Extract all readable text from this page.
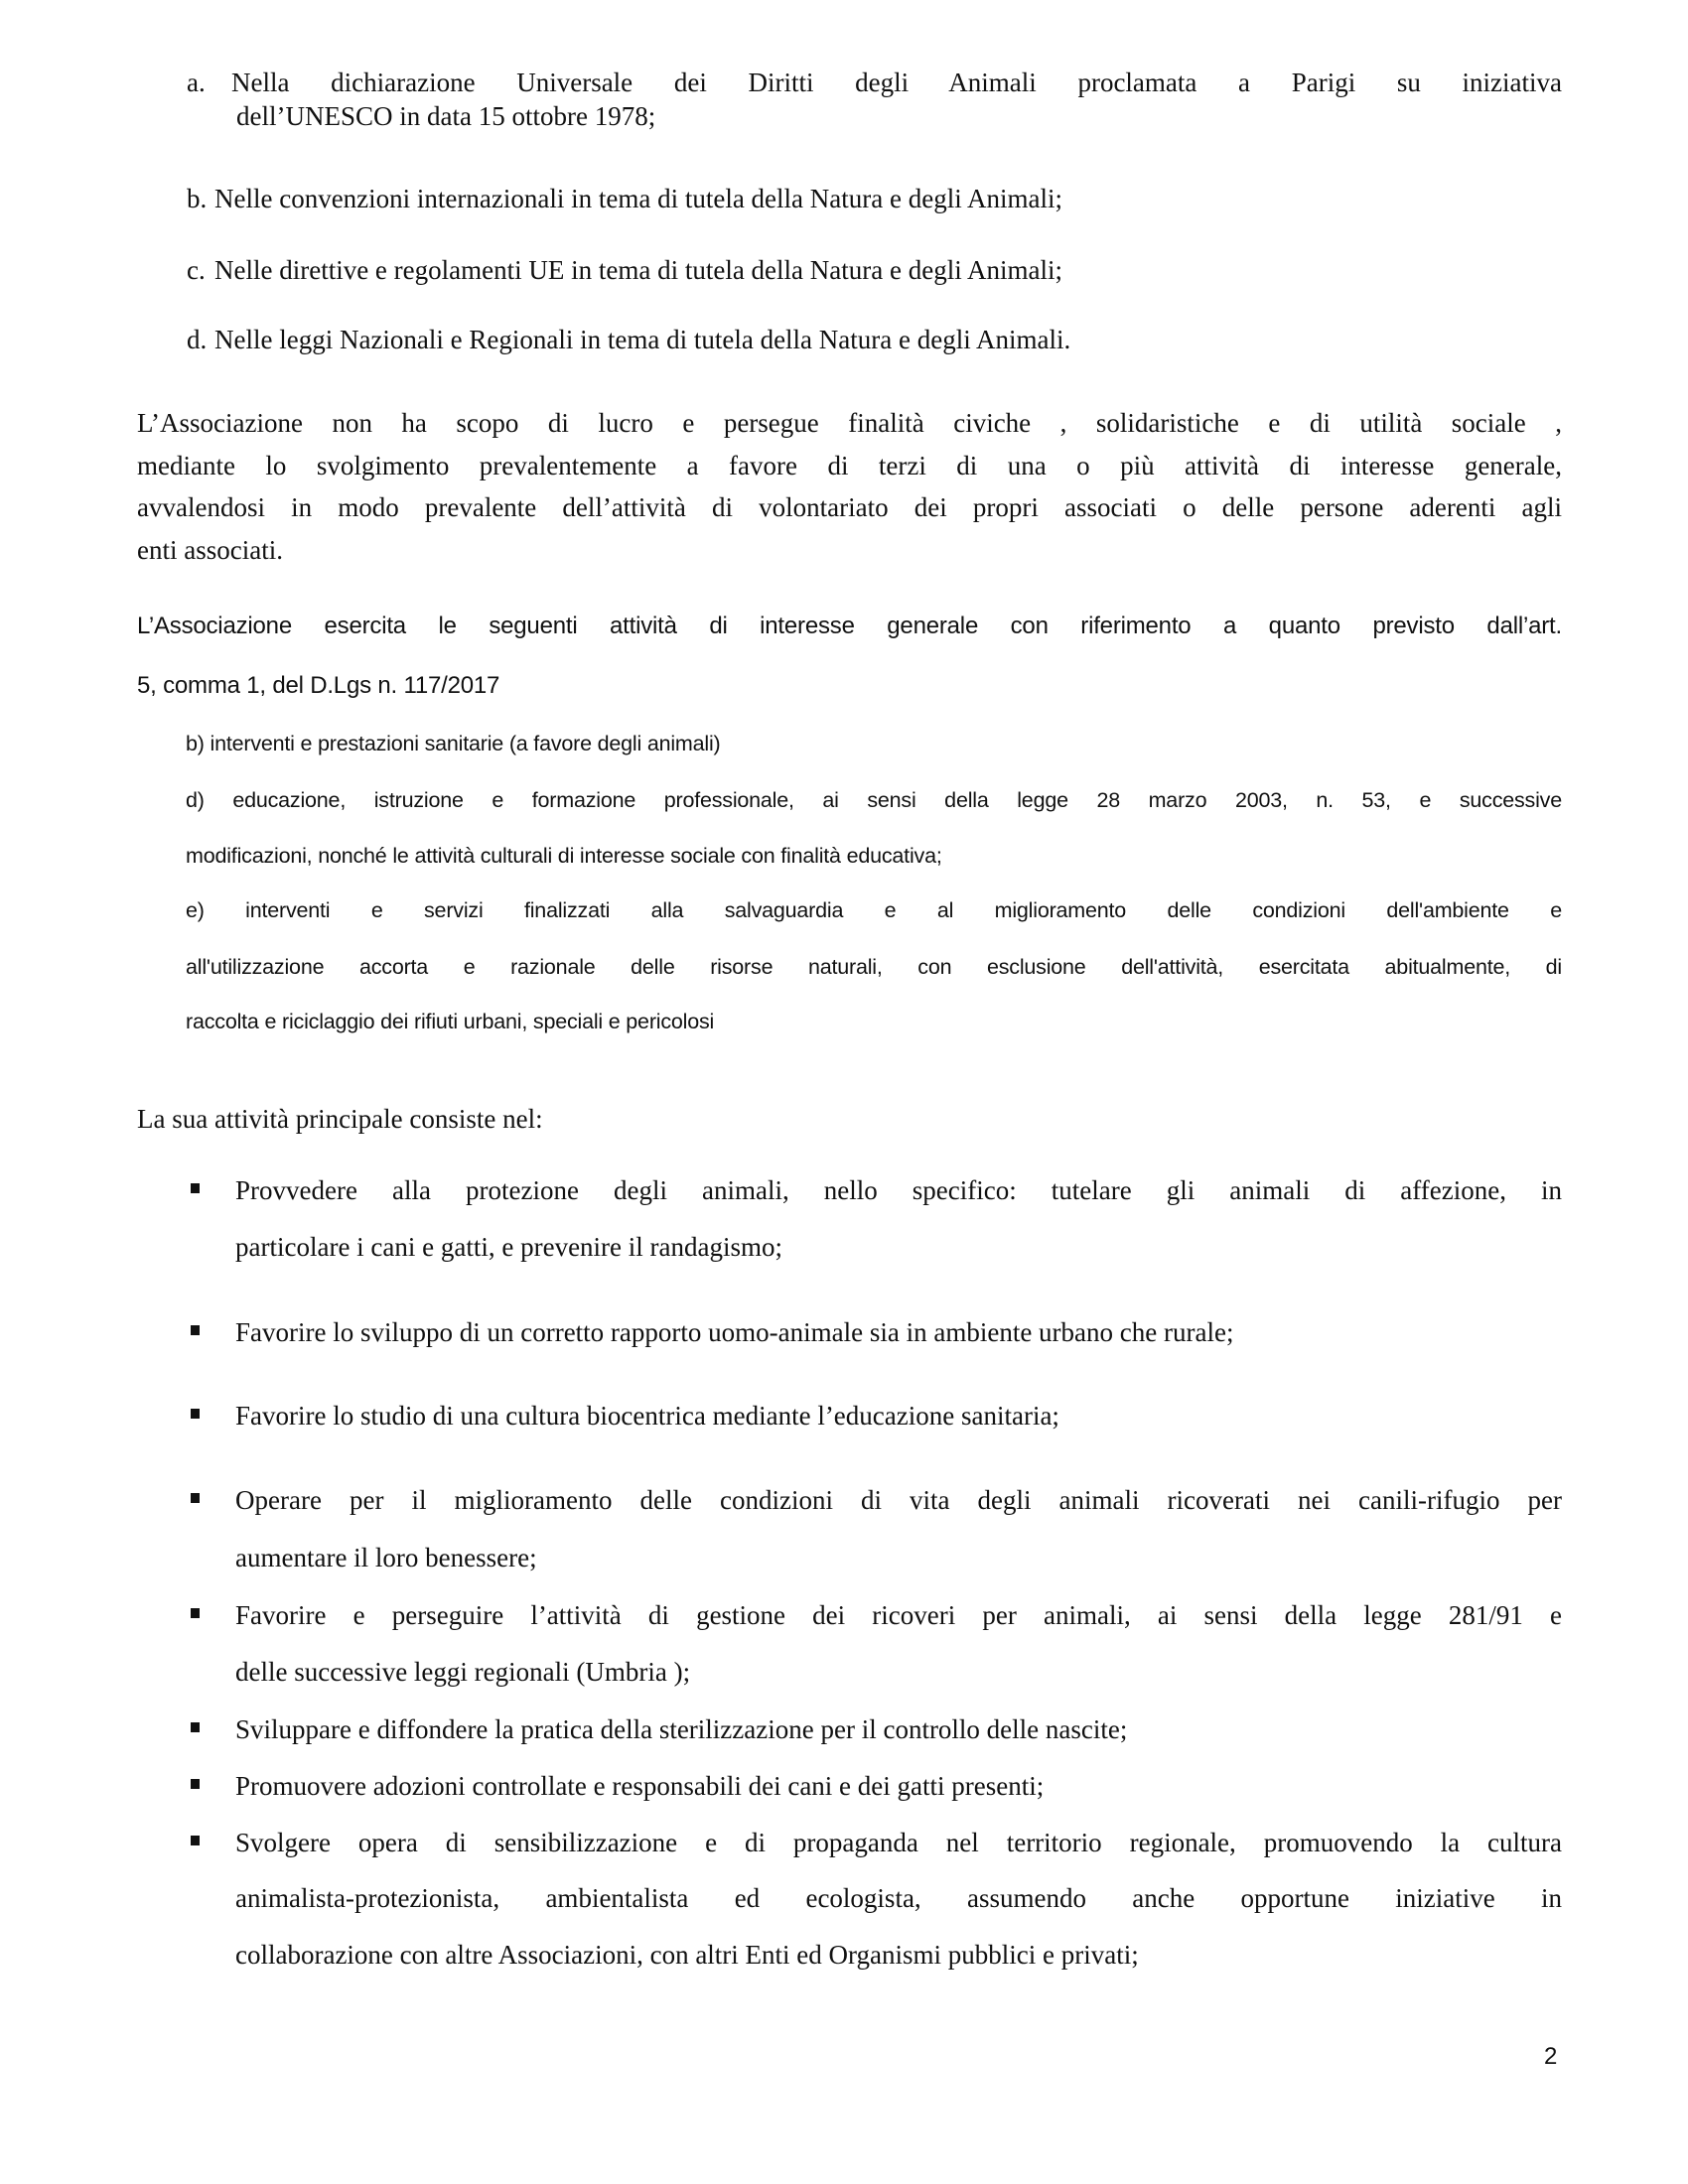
a. Nella dichiarazione Universale dei Diritti degli Animali proclamata a Parigi su iniziativa
dell’UNESCO in data 15 ottobre 1978;
b. Nelle convenzioni internazionali in tema di tutela della Natura e degli Animali;
c. Nelle direttive e regolamenti UE in tema di tutela della Natura e degli Animali;
d. Nelle leggi Nazionali e Regionali in tema di tutela della Natura e degli Animali.
L’Associazione non ha scopo di lucro e persegue finalità civiche , solidaristiche e di utilità sociale ,
mediante lo svolgimento prevalentemente a favore di terzi di una o più attività di interesse generale,
avvalendosi in modo prevalente dell’attività di volontariato dei propri associati o delle persone aderenti agli
enti associati.
L’Associazione esercita le seguenti attività di interesse generale con riferimento a quanto previsto dall’art.
5, comma 1, del D.Lgs n. 117/2017
b) interventi e prestazioni sanitarie (a favore degli animali)
d) educazione, istruzione e formazione professionale, ai sensi della legge 28 marzo 2003, n. 53, e successive
modificazioni, nonché le attività culturali di interesse sociale con finalità educativa;
e) interventi e servizi finalizzati alla salvaguardia e al miglioramento delle condizioni dell'ambiente e
all'utilizzazione accorta e razionale delle risorse naturali, con esclusione dell'attività, esercitata abitualmente, di
raccolta e riciclaggio dei rifiuti urbani, speciali e pericolosi
La sua attività principale consiste nel:
Provvedere alla protezione degli animali, nello specifico: tutelare gli animali di affezione, in
particolare i cani e gatti, e prevenire il randagismo;
Favorire lo sviluppo di un corretto rapporto uomo-animale sia in ambiente urbano che rurale;
Favorire lo studio di una cultura biocentrica mediante l’educazione sanitaria;
Operare per il miglioramento delle condizioni di vita degli animali ricoverati nei canili-rifugio per
aumentare il loro benessere;
Favorire e perseguire l’attività di gestione dei ricoveri per animali, ai sensi della legge 281/91 e
delle successive leggi regionali (Umbria );
Sviluppare e diffondere la pratica della sterilizzazione per il controllo delle nascite;
Promuovere adozioni controllate e responsabili dei cani e dei gatti presenti;
Svolgere opera di sensibilizzazione e di propaganda nel territorio regionale, promuovendo la cultura
animalista-protezionista, ambientalista ed ecologista, assumendo anche opportune iniziative in
collaborazione con altre Associazioni, con altri Enti ed Organismi pubblici e privati;
2
